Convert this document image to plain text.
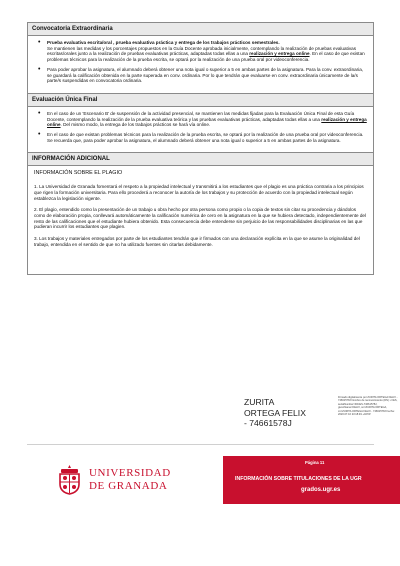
Convocatoria Extraordinaria
• Prueba evaluativa escrita/oral , prueba evaluativa práctica y entrega de los trabajos prácticos semestrales.
Se mantienen las medidas y los porcentajes propuestos en la Guía Docente aprobada inicialmente, contemplando la realización de pruebas evaluativas escritas/orales junto a la realización de pruebas evaluativas prácticas, adaptadas todas ellas a una realización y entrega online. En el caso de que existan problemas técnicos para la realización de la prueba escrita, se optará por la realización de una prueba oral por videoconferencia.
• Para poder aprobar la asignatura, el alumnado deberá obtener una nota igual o superior a 5 en ambas partes de la asignatura. Para la conv. extraordinaria, se guardará la calificación obtenida en la parte superada en conv. ordinaria. Por lo que tendrán que evaluarse en conv. extraordinaria únicamente de la/s parte/s suspendidas en convocatoria ordinaria.
Evaluación Única Final
• En el caso de un 'Escenario B' de suspensión de la actividad presencial, se mantienen las medidas fijadas para la Evaluación Única Final de esta Guía Docente, contemplando la realización de la prueba evaluativa teórica y las pruebas evaluativas prácticas, adaptadas todas ellas a una realización y entrega online. Del mismo modo, la entrega de los trabajos prácticos se hará vía online.
• En el caso de que existan problemas técnicos para la realización de la prueba escrita, se optará por la realización de una prueba oral por videoconferencia. Se recuerda que, para poder aprobar la asignatura, el alumnado deberá obtener una nota igual o superior a 5 en ambas partes de la asignatura.
INFORMACIÓN ADICIONAL

INFORMACIÓN SOBRE EL PLAGIO

1. La Universidad de Granada fomentará el respeto a la propiedad intelectual y transmitirá a los estudiantes que el plagio es una práctica contraria a los principios que rigen la formación universitaria. Para ello procederá a reconocer la autoría de los trabajos y su protección de acuerdo con la propiedad intelectual según establezca la legislación vigente.

2. El plagio, entendido como la presentación de un trabajo u obra hecho por otra persona como propio o la copia de textos sin citar su procedencia y dándolos como de elaboración propia, conllevará automáticamente la calificación numérica de cero en la asignatura en la que se hubiera detectado, independientemente del resto de las calificaciones que el estudiante hubiera obtenido. Esta consecuencia debe entenderse sin perjuicio de las responsabilidades disciplinarias en las que pudieran incurrir los estudiantes que plagien.

3. Los trabajos y materiales entregados por parte de los estudiantes tendrán que ir firmados con una declaración explícita en la que se asume la originalidad del trabajo, entendida en el sentido de que no ha utilizado fuentes sin citarlas debidamente.

ZURITA
ORTEGA FELIX
- 74661578J
Firmado digitalmente por ZURITA ORTEGA FELIX - 74661578J Nombre de reconocimiento (DN): c=ES, serialNumber=IDCES-74661578J, givenName=FELIX, sn=ZURITA ORTEGA, cn=ZURITA ORTEGA FELIX - 74661578J Fecha: 2020.07.16 23:18:49 +02'00'
UNIVERSIDAD
DE GRANADA
Página 11
INFORMACIÓN SOBRE TITULACIONES DE LA UGR
grados.ugr.es
